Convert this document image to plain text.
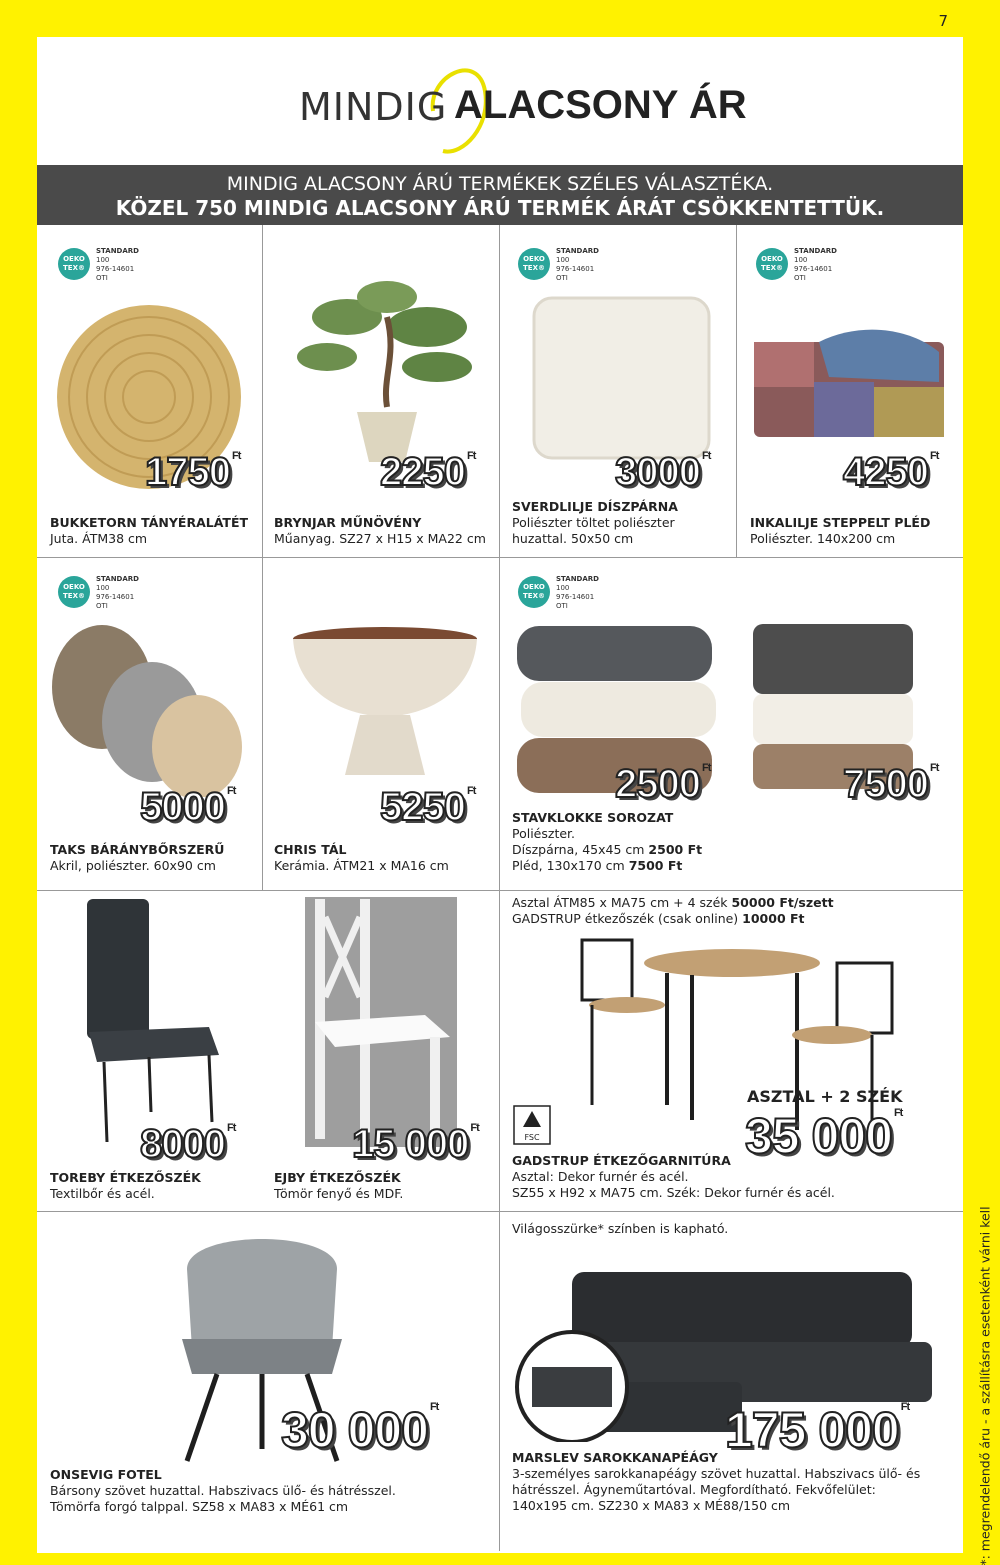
7
MINDIG ALACSONY ÁR
MINDIG ALACSONY ÁRÚ TERMÉKEK SZÉLES VÁLASZTÉKA.
KÖZEL 750 MINDIG ALACSONY ÁRÚ TERMÉK ÁRÁT CSÖKKENTETTÜK.
OEKO TEX®
STANDARD
100
976-14601
OTI
OEKO TEX®
STANDARD
100
976-14601
OTI
OEKO TEX®
STANDARD
100
976-14601
OTI
OEKO TEX®
STANDARD
100
976-14601
OTI
OEKO TEX®
STANDARD
100
976-14601
OTI
1750 $^{Ft}$
BUKKETORN TÁNYÉRALÁTÉT
Juta. ÁTM38 cm
2250 $^{Ft}$
BRYNJAR MŰNÖVÉNY
Műanyag. SZ27 x H15 x MA22 cm
3000 $^{Ft}$
SVERDLILJE DÍSZPÁRNA
Poliészter töltet poliészter huzattal. 50x50 cm
4250 $^{Ft}$
INKALILJE STEPPELT PLÉD
Poliészter. 140x200 cm
5000 $^{Ft}$
TAKS BÁRÁNYBŐRSZERŰ
Akril, poliészter. 60x90 cm
5250 $^{Ft}$
CHRIS TÁL
Kerámia. ÁTM21 x MA16 cm
2500 $^{Ft}$	7500 $^{Ft}$
STAVKLOKKE SOROZAT
Poliészter.
Díszpárna, 45x45 cm 2500 Ft
Pléd, 130x170 cm 7500 Ft
8000 $^{Ft}$
TOREBY ÉTKEZŐSZÉK
Textilbőr és acél.
15 000 $^{Ft}$
EJBY ÉTKEZŐSZÉK
Tömör fenyő és MDF.
Asztal ÁTM85 x MA75 cm + 4 szék 50000 Ft/szett
GADSTRUP étkezőszék (csak online) 10000 Ft
ASZTAL + 2 SZÉK
FSC	35 000 $^{Ft}$
GADSTRUP ÉTKEZŐGARNITÚRA
Asztal: Dekor furnér és acél.
SZ55 x H92 x MA75 cm. Szék: Dekor furnér és acél.
30 000 $^{Ft}$
ONSEVIG FOTEL
Bársony szövet huzattal. Habszivacs ülő- és hátrésszel.
Tömörfa forgó talppal. SZ58 x MA83 x MÉ61 cm
Világosszürke* színben is kapható.
175 000 $^{Ft}$
MARSLEV SAROKKANAPÉÁGY
3-személyes sarokkanapéágy szövet huzattal. Habszivacs ülő- és
hátrésszel. Ágyneműtartóval. Megfordítható. Fekvőfelület:
140x195 cm. SZ230 x MA83 x MÉ88/150 cm	*: megrendelendő áru - a szállításra esetenként várni kell
